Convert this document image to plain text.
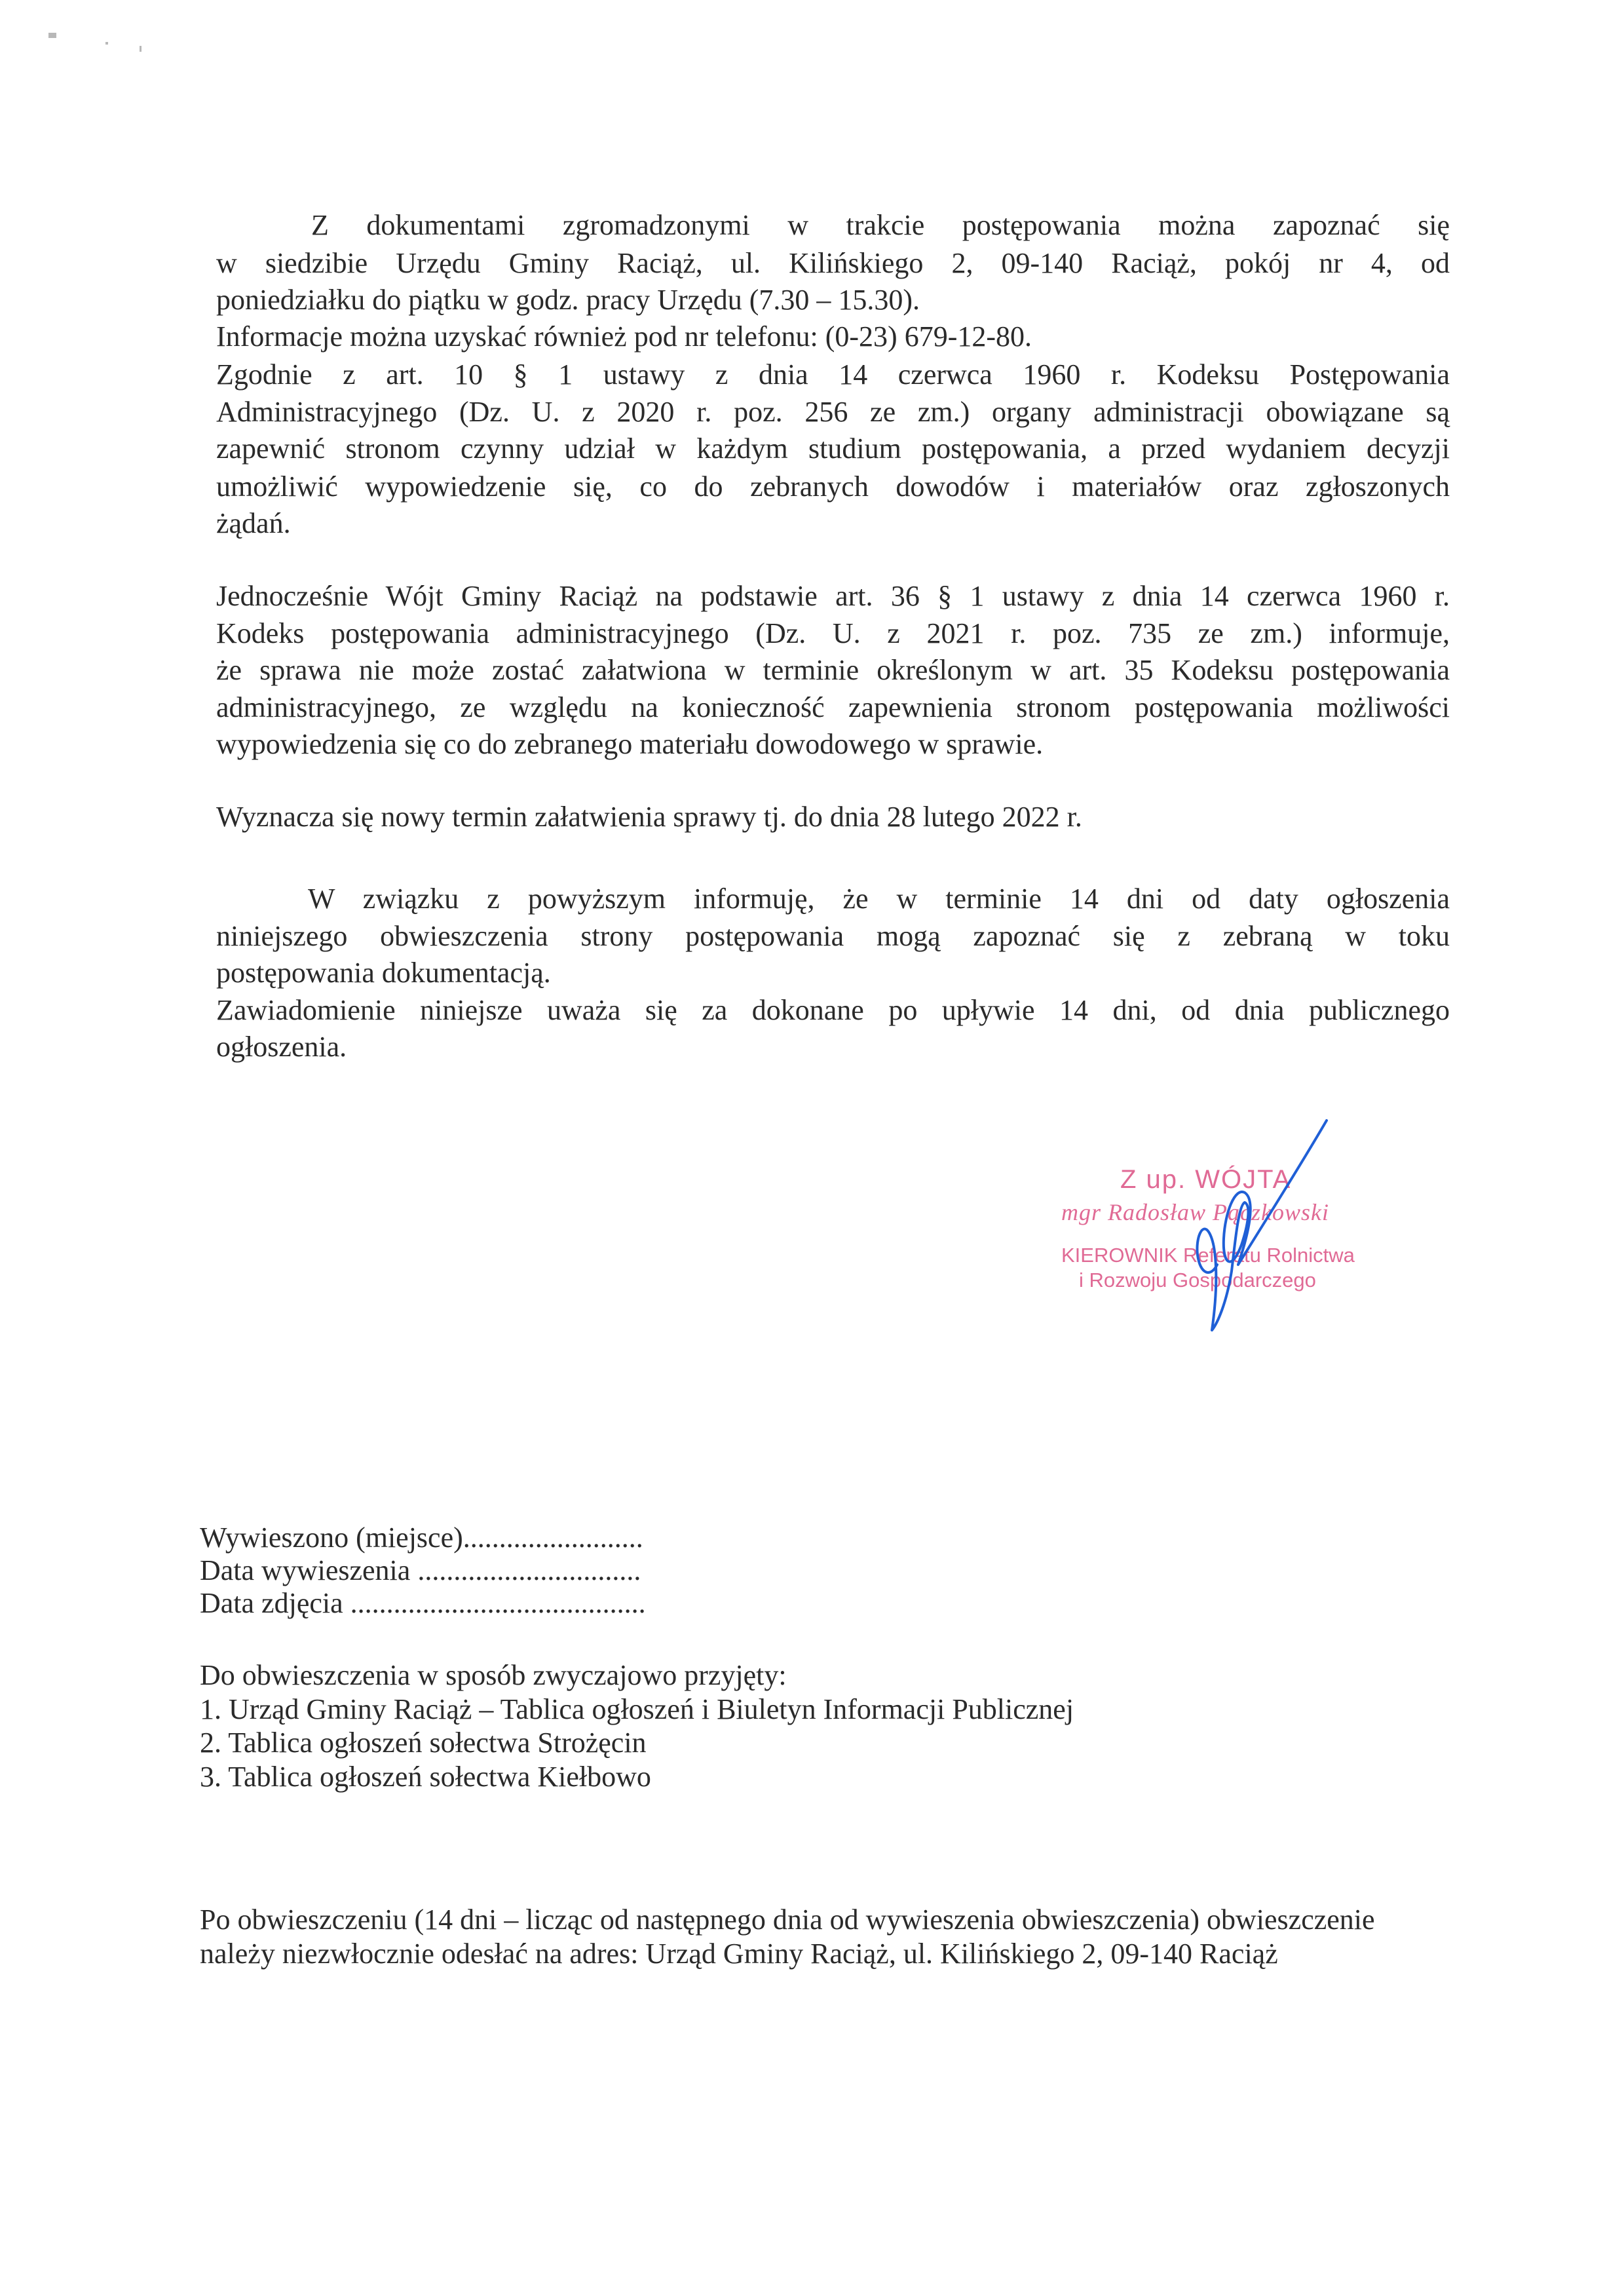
Z dokumentami zgromadzonymi w trakcie postępowania można zapoznać się
w siedzibie Urzędu Gminy Raciąż, ul. Kilińskiego 2, 09-140 Raciąż, pokój nr 4, od
poniedziałku do piątku w godz. pracy Urzędu (7.30 – 15.30).
Informacje można uzyskać również pod nr telefonu: (0-23) 679-12-80.
Zgodnie z art. 10 § 1 ustawy z dnia 14 czerwca 1960 r. Kodeksu Postępowania
Administracyjnego (Dz. U. z 2020 r. poz. 256 ze zm.) organy administracji obowiązane są
zapewnić stronom czynny udział w każdym studium postępowania, a przed wydaniem decyzji
umożliwić wypowiedzenie się, co do zebranych dowodów i materiałów oraz zgłoszonych
żądań.
Jednocześnie Wójt Gminy Raciąż na podstawie art. 36 § 1 ustawy z dnia 14 czerwca 1960 r.
Kodeks postępowania administracyjnego (Dz. U. z 2021 r. poz. 735 ze zm.) informuje,
że sprawa nie może zostać załatwiona w terminie określonym w art. 35 Kodeksu postępowania
administracyjnego, ze względu na konieczność zapewnienia stronom postępowania możliwości
wypowiedzenia się co do zebranego materiału dowodowego w sprawie.
Wyznacza się nowy termin załatwienia sprawy tj. do dnia 28 lutego 2022 r.
W związku z powyższym informuję, że w terminie 14 dni od daty ogłoszenia
niniejszego obwieszczenia strony postępowania mogą zapoznać się z zebraną w toku
postępowania dokumentacją.
Zawiadomienie niniejsze uważa się za dokonane po upływie 14 dni, od dnia publicznego
ogłoszenia.
Z up. WÓJTA
mgr Radosław Pączkowski
KIEROWNIK Referatu Rolnictwa
i Rozwoju Gospodarczego
Wywieszono (miejsce).........................
Data wywieszenia ...............................
Data zdjęcia .........................................
Do obwieszczenia w sposób zwyczajowo przyjęty:
1. Urząd Gminy Raciąż – Tablica ogłoszeń i Biuletyn Informacji Publicznej
2. Tablica ogłoszeń sołectwa Strożęcin
3. Tablica ogłoszeń sołectwa Kiełbowo
Po obwieszczeniu (14 dni – licząc od następnego dnia od wywieszenia obwieszczenia) obwieszczenie
należy niezwłocznie odesłać na adres: Urząd Gminy Raciąż, ul. Kilińskiego 2, 09-140 Raciąż
